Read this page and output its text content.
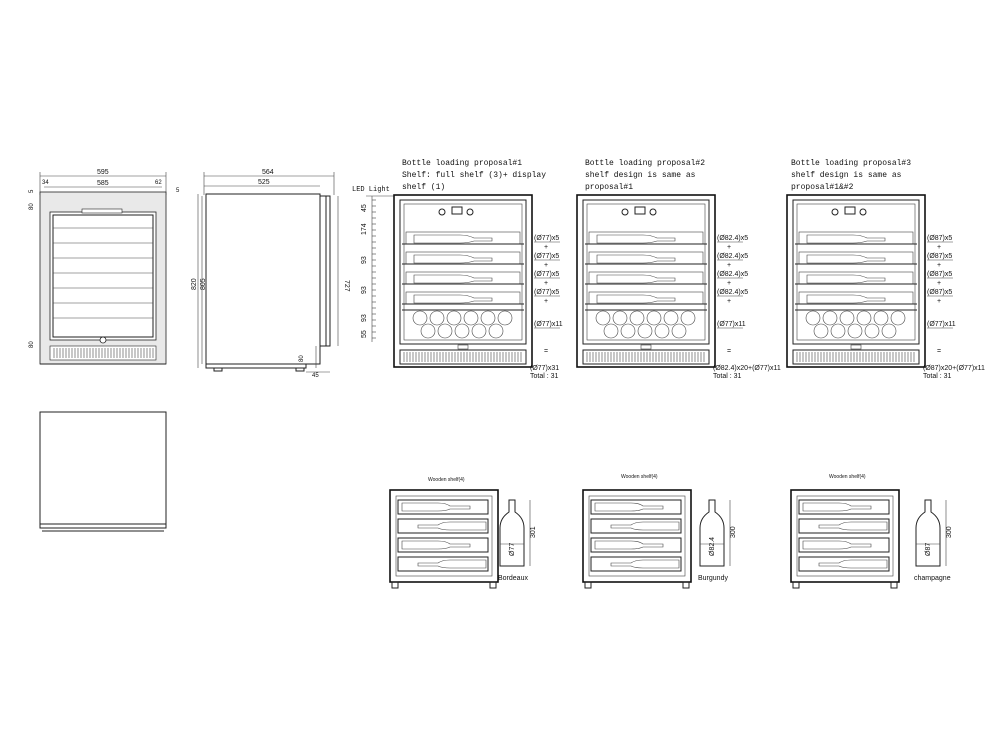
595
585
34	62
5
5
80
80
564
525
820 805	727
80
45
LED Light
45
174
93
93
93
55
Bottle loading proposal#1
Shelf: full shelf (3)+ display
shelf (1)
(Ø77)x5
+
(Ø77)x5
+
(Ø77)x5
+
(Ø77)x5
+
(Ø77)x11
=
(Ø77)x31
Total : 31
Bottle loading proposal#2
shelf design is same as
proposal#1
(Ø82.4)x5
+
(Ø82.4)x5
+
(Ø82.4)x5
+
(Ø82.4)x5
+
(Ø77)x11
=
(Ø82.4)x20+(Ø77)x11
Total : 31
Bottle loading proposal#3
shelf design is same as
proposal#1&#2
(Ø87)x5
+
(Ø87)x5
+
(Ø87)x5
+
(Ø87)x5
+
(Ø77)x11
=
(Ø87)x20+(Ø77)x11
Total : 31
Wooden shelf(4)
301
Ø77
Bordeaux
Wooden shelf(4)
300
Ø82.4
Burgundy
Wooden shelf(4)
300
Ø87
champagne
